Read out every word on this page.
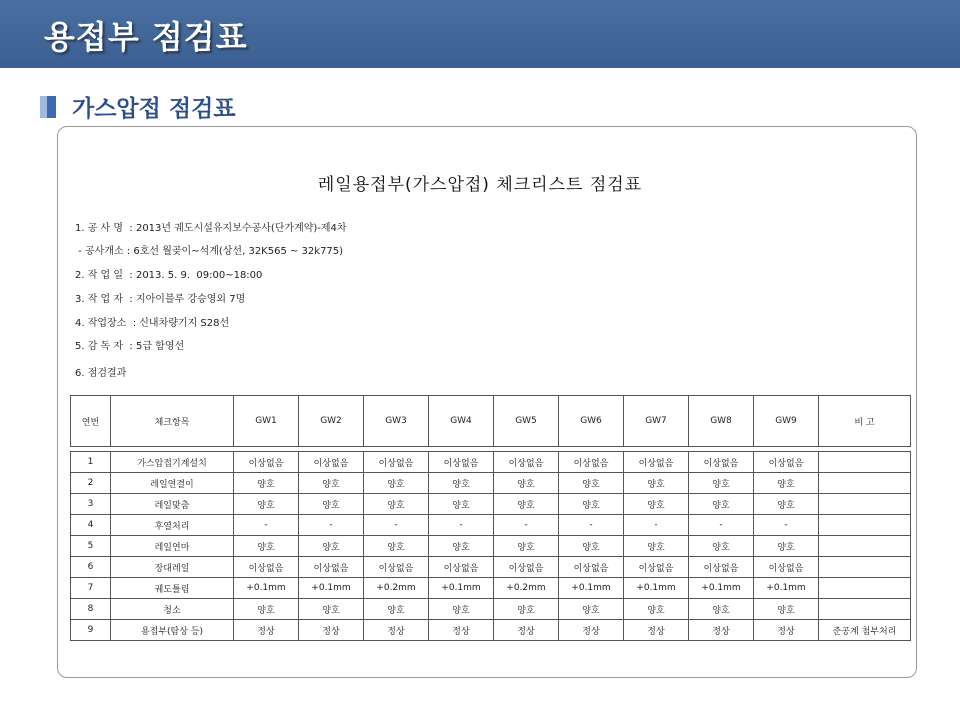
용접부 점검표
가스압접 점검표
레일용접부(가스압접) 체크리스트 점검표
1. 공 사 명  : 2013년 궤도시설유지보수공사(단가계약)-제4차
- 공사개소 : 6호선 월곶이~석계(상선, 32K565 ~ 32k775)
2. 작 업 일  : 2013. 5. 9.  09:00~18:00
3. 작 업 자  : 지아이블루 강승영외 7명
4. 작업장소  : 신내차량기지 S28선
5. 감 독 자  : 5급 함영선
6. 점검결과
연번	체크항목	GW1	GW2	GW3	GW4	GW5	GW6	GW7	GW8	GW9	비 고

1	가스압접기계설치	이상없음	이상없음	이상없음	이상없음	이상없음	이상없음	이상없음	이상없음	이상없음	
2	레일연결이	양호	양호	양호	양호	양호	양호	양호	양호	양호	
3	레일맞춤	양호	양호	양호	양호	양호	양호	양호	양호	양호	
4	후열처리	-	-	-	-	-	-	-	-	-	
5	레일연마	양호	양호	양호	양호	양호	양호	양호	양호	양호	
6	장대레일	이상없음	이상없음	이상없음	이상없음	이상없음	이상없음	이상없음	이상없음	이상없음	
7	궤도틀림	+0.1mm	+0.1mm	+0.2mm	+0.1mm	+0.2mm	+0.1mm	+0.1mm	+0.1mm	+0.1mm	
8	청소	양호	양호	양호	양호	양호	양호	양호	양호	양호	
9	용접부(탐상 등)	정상	정상	정상	정상	정상	정상	정상	정상	정상	준공계 첨부처리
